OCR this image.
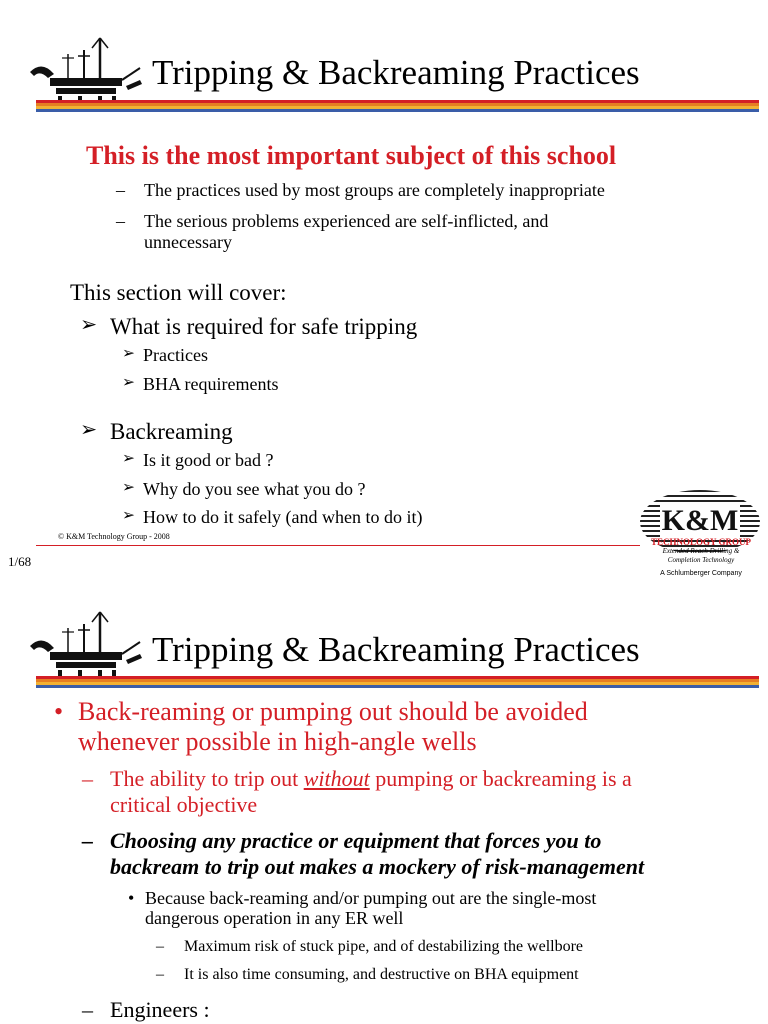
Tripping & Backreaming Practices
This is the most important subject of this school
– The practices used by most groups are completely inappropriate
– The serious problems experienced are self-inflicted, and
unnecessary
This section will cover:
➢ What is required for safe tripping
➢ Practices
➢ BHA requirements
➢ Backreaming
➢ Is it good or bad ?
➢ Why do you see what you do ?
➢ How to do it safely (and when to do it)
© K&M Technology Group - 2008
1/68
K&M
TECHNOLOGY GROUP
Extended Reach Drilling &
Completion Technology
A Schlumberger Company
Tripping & Backreaming Practices
• Back-reaming or pumping out should be avoided
whenever possible in high-angle wells
– The ability to trip out without pumping or backreaming is a
critical objective
– Choosing any practice or equipment that forces you to
backream to trip out makes a mockery of risk-management
• Because back-reaming and/or pumping out are the single-most
dangerous operation in any ER well
– Maximum risk of stuck pipe, and of destabilizing the wellbore
– It is also time consuming, and destructive on BHA equipment
– Engineers :
